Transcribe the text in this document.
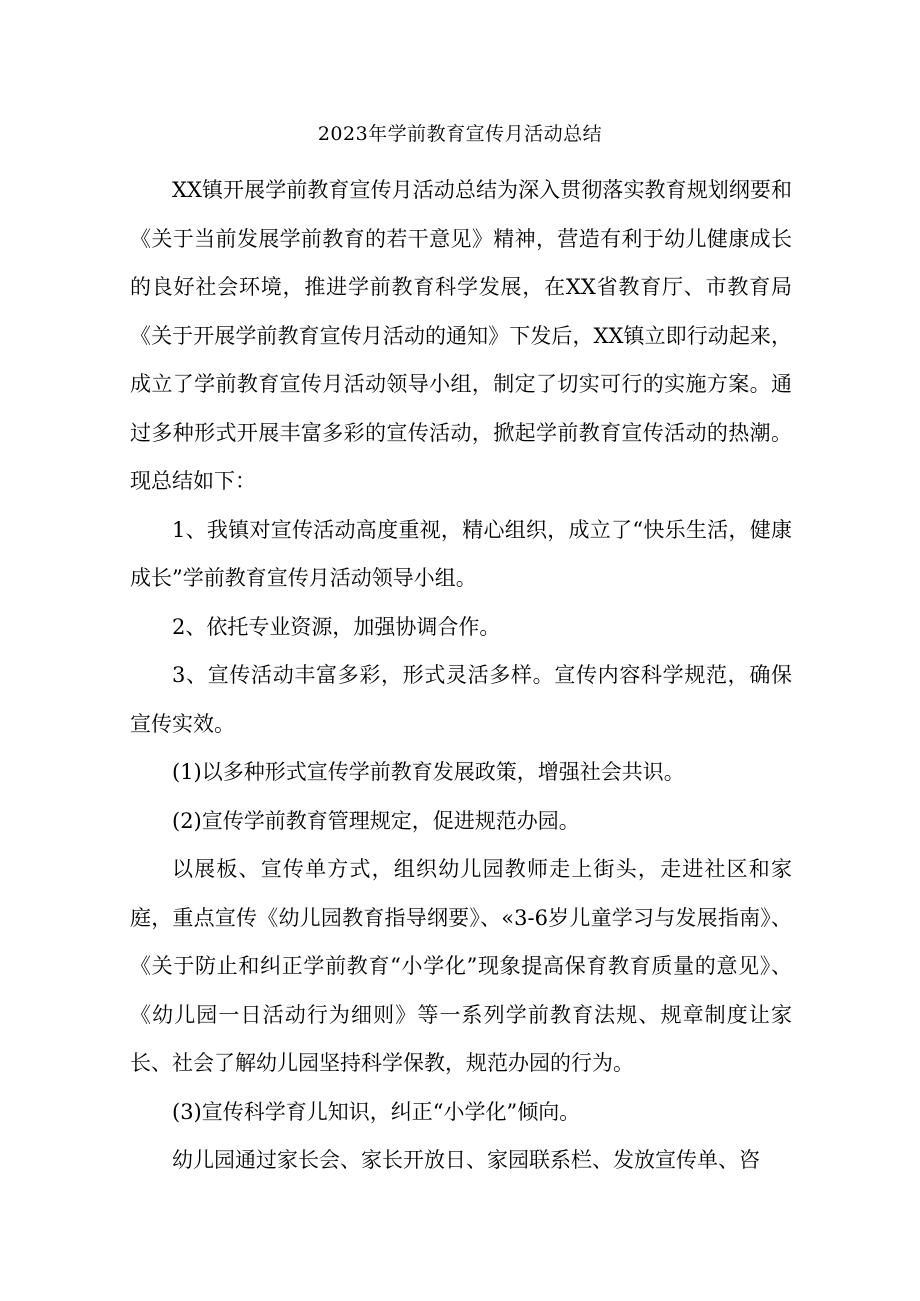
2023年学前教育宣传月活动总结

XX镇开展学前教育宣传月活动总结为深入贯彻落实教育规划纲要和《关于当前发展学前教育的若干意见》精神，营造有利于幼儿健康成长的良好社会环境，推进学前教育科学发展，在XX省教育厅、市教育局《关于开展学前教育宣传月活动的通知》下发后，XX镇立即行动起来，成立了学前教育宣传月活动领导小组，制定了切实可行的实施方案。通过多种形式开展丰富多彩的宣传活动，掀起学前教育宣传活动的热潮。现总结如下：

1、我镇对宣传活动高度重视，精心组织，成立了“快乐生活，健康成长”学前教育宣传月活动领导小组。

2、依托专业资源，加强协调合作。

3、宣传活动丰富多彩，形式灵活多样。宣传内容科学规范，确保宣传实效。

(1)以多种形式宣传学前教育发展政策，增强社会共识。

(2)宣传学前教育管理规定，促进规范办园。

以展板、宣传单方式，组织幼儿园教师走上街头，走进社区和家庭，重点宣传《幼儿园教育指导纲要》、«3-6岁儿童学习与发展指南》、《关于防止和纠正学前教育“小学化”现象提高保育教育质量的意见》、《幼儿园一日活动行为细则》等一系列学前教育法规、规章制度让家长、社会了解幼儿园坚持科学保教，规范办园的行为。

(3)宣传科学育儿知识，纠正“小学化”倾向。

幼儿园通过家长会、家长开放日、家园联系栏、发放宣传单、咨
